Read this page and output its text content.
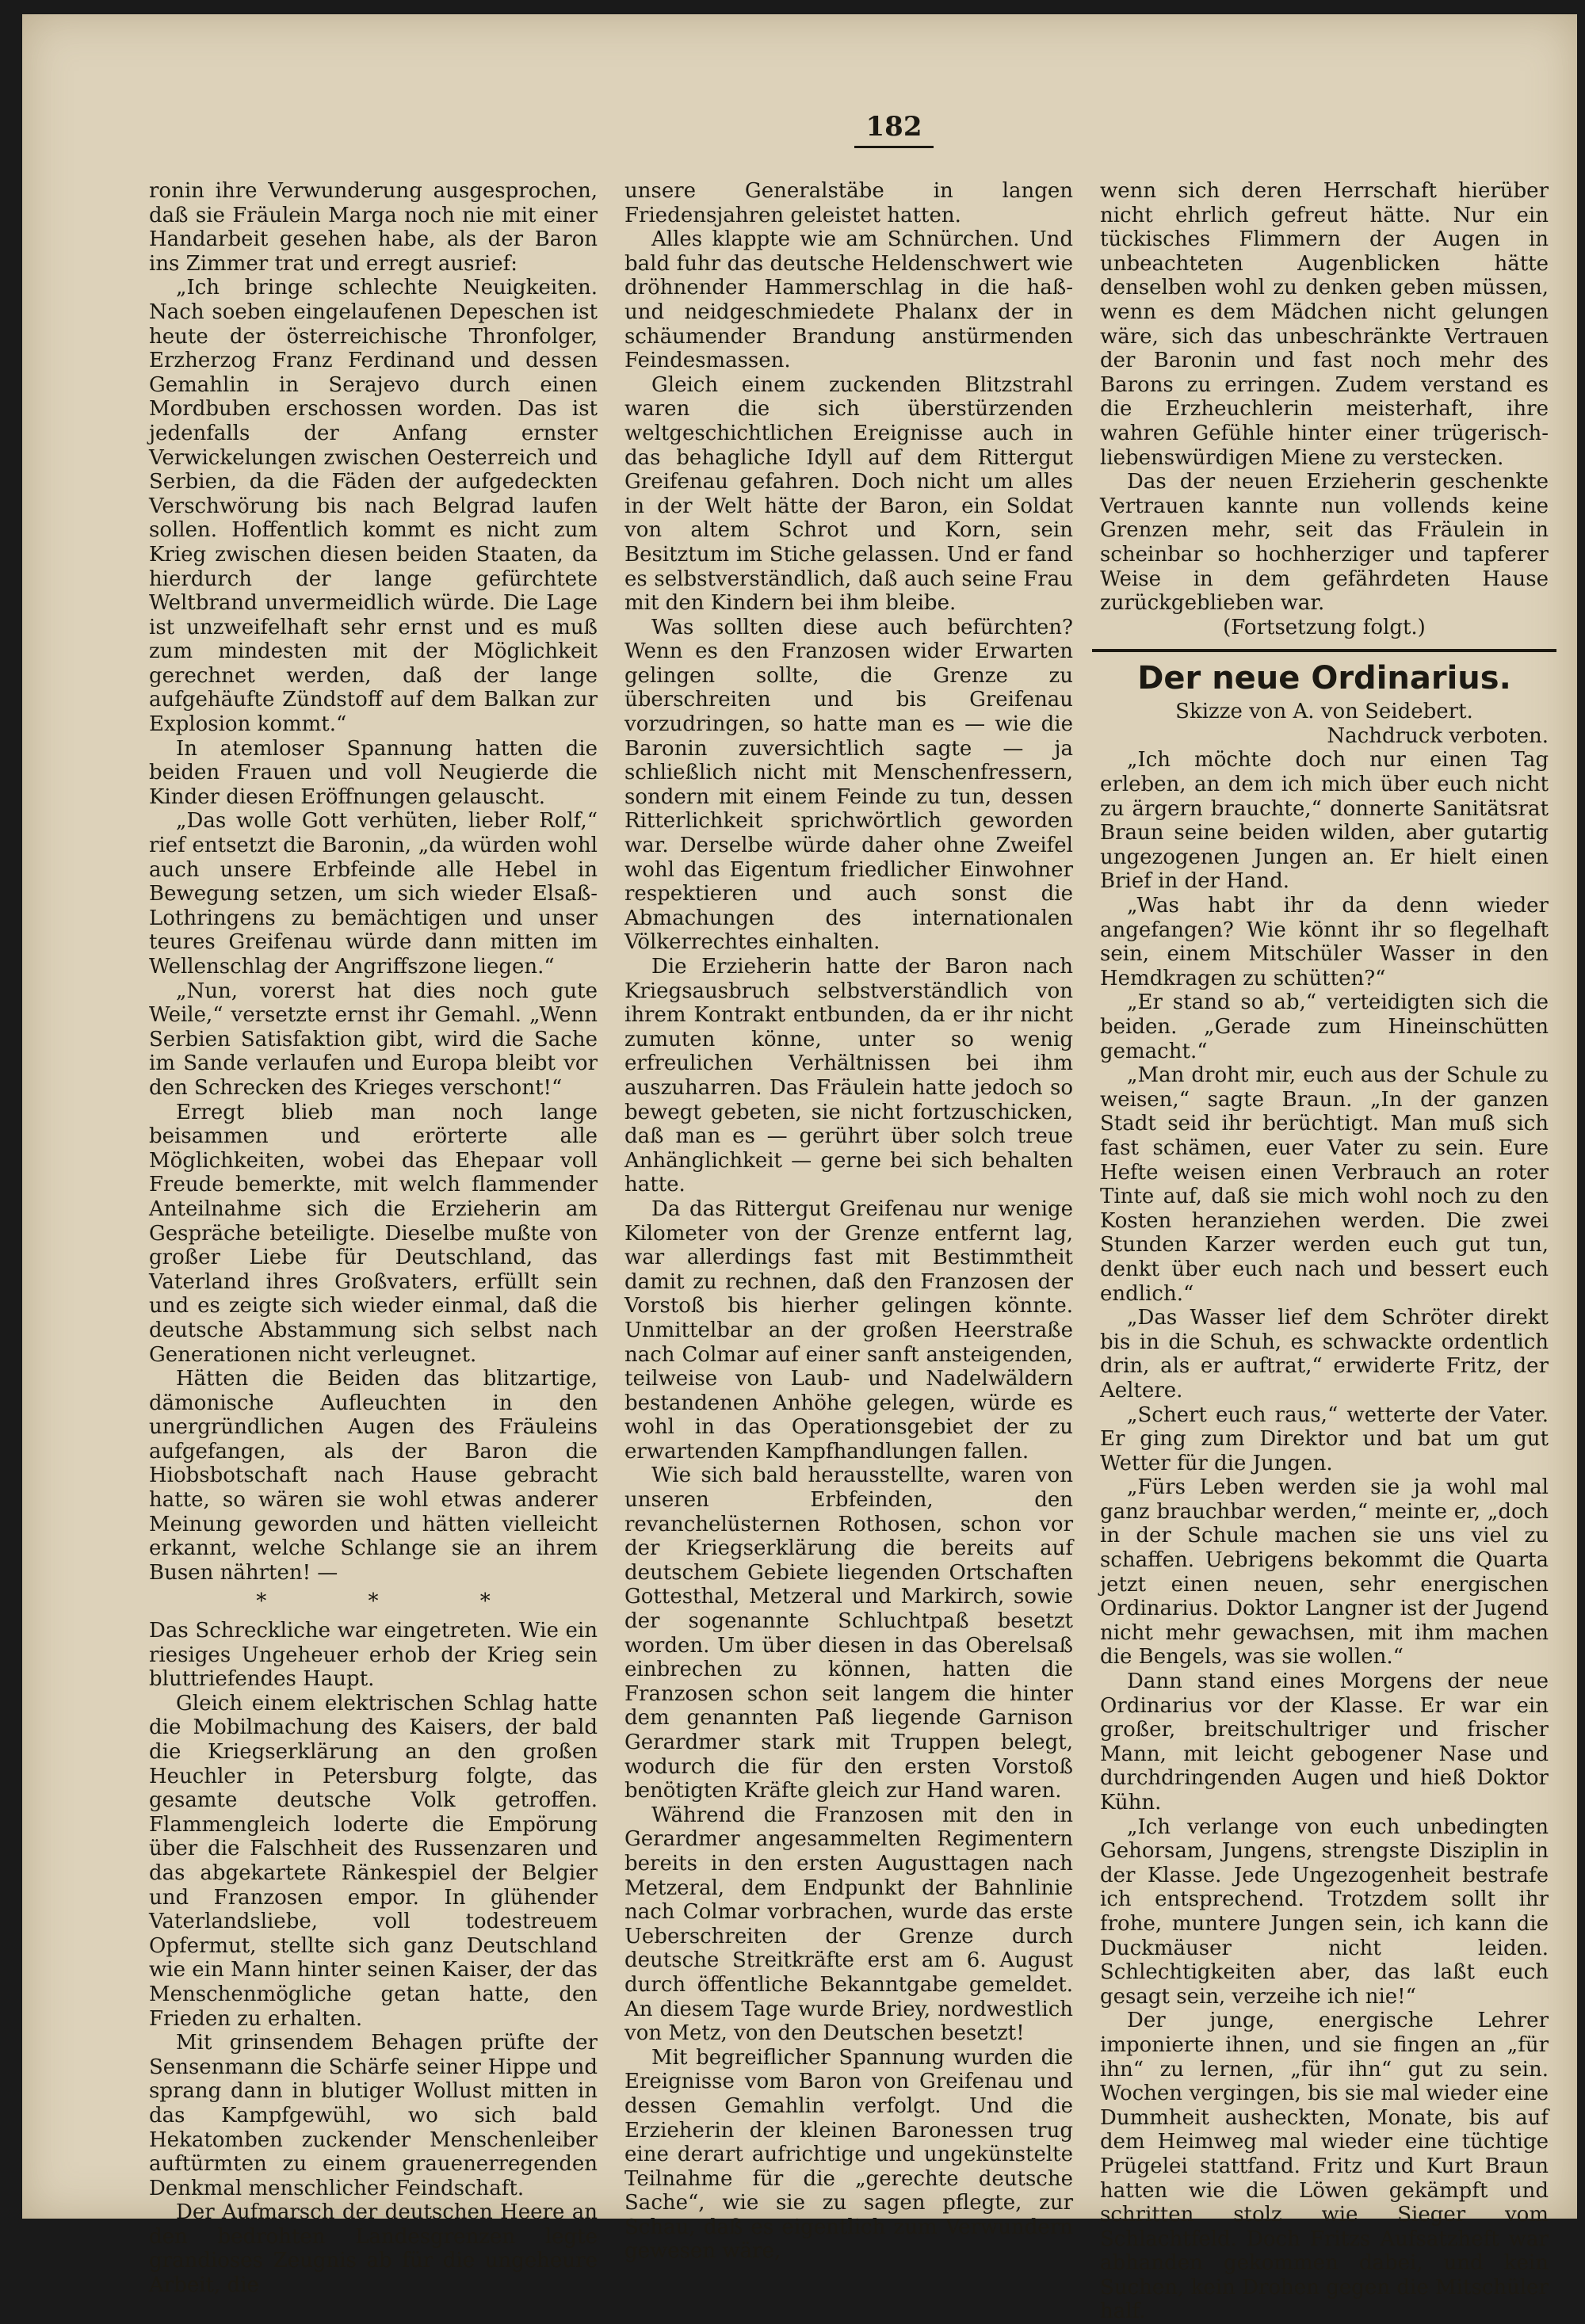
182

ronin ihre Verwunderung ausgesprochen, daß sie Fräulein Marga noch nie mit einer Handarbeit gesehen habe, als der Baron ins Zimmer trat und erregt ausrief:

„Ich bringe schlechte Neuigkeiten. Nach soeben eingelaufenen Depeschen ist heute der österreichische Thronfolger, Erzherzog Franz Ferdinand und dessen Gemahlin in Serajevo durch einen Mordbuben erschossen worden. Das ist jedenfalls der Anfang ernster Verwickelungen zwischen Oesterreich und Serbien, da die Fäden der aufgedeckten Verschwörung bis nach Belgrad laufen sollen. Hoffentlich kommt es nicht zum Krieg zwischen diesen beiden Staaten, da hierdurch der lange gefürchtete Weltbrand unvermeidlich würde. Die Lage ist unzweifelhaft sehr ernst und es muß zum mindesten mit der Möglichkeit gerechnet werden, daß der lange aufgehäufte Zündstoff auf dem Balkan zur Explosion kommt.“

In atemloser Spannung hatten die beiden Frauen und voll Neugierde die Kinder diesen Eröffnungen gelauscht.

„Das wolle Gott verhüten, lieber Rolf,“ rief entsetzt die Baronin, „da würden wohl auch unsere Erbfeinde alle Hebel in Bewegung setzen, um sich wieder Elsaß-Lothringens zu bemächtigen und unser teures Greifenau würde dann mitten im Wellenschlag der Angriffszone liegen.“

„Nun, vorerst hat dies noch gute Weile,“ versetzte ernst ihr Gemahl. „Wenn Serbien Satisfaktion gibt, wird die Sache im Sande verlaufen und Europa bleibt vor den Schrecken des Krieges verschont!“

Erregt blieb man noch lange beisammen und erörterte alle Möglichkeiten, wobei das Ehepaar voll Freude bemerkte, mit welch flammender Anteilnahme sich die Erzieherin am Gespräche beteiligte. Dieselbe mußte von großer Liebe für Deutschland, das Vaterland ihres Großvaters, erfüllt sein und es zeigte sich wieder einmal, daß die deutsche Abstammung sich selbst nach Generationen nicht verleugnet.

Hätten die Beiden das blitzartige, dämonische Aufleuchten in den unergründlichen Augen des Fräuleins aufgefangen, als der Baron die Hiobsbotschaft nach Hause gebracht hatte, so wären sie wohl etwas anderer Meinung geworden und hätten vielleicht erkannt, welche Schlange sie an ihrem Busen nährten! —

* * *

Das Schreckliche war eingetreten. Wie ein riesiges Ungeheuer erhob der Krieg sein bluttriefendes Haupt.

Gleich einem elektrischen Schlag hatte die Mobilmachung des Kaisers, der bald die Kriegserklärung an den großen Heuchler in Petersburg folgte, das gesamte deutsche Volk getroffen. Flammengleich loderte die Empörung über die Falschheit des Russenzaren und das abgekartete Ränkespiel der Belgier und Franzosen empor. In glühender Vaterlandsliebe, voll todestreuem Opfermut, stellte sich ganz Deutschland wie ein Mann hinter seinen Kaiser, der das Menschenmögliche getan hatte, den Frieden zu erhalten.

Mit grinsendem Behagen prüfte der Sensenmann die Schärfe seiner Hippe und sprang dann in blutiger Wollust mitten in das Kampfgewühl, wo sich bald Hekatomben zuckender Menschenleiber auftürmten zu einem grauenerregenden Denkmal menschlicher Feindschaft.

Der Aufmarsch der deutschen Heere an den bedrohten Landesgrenzen legte grandioses Zeugnis ab für die ungeheure Arbeit, die

unsere Generalstäbe in langen Friedensjahren geleistet hatten.

Alles klappte wie am Schnürchen. Und bald fuhr das deutsche Heldenschwert wie dröhnender Hammerschlag in die haß- und neidgeschmiedete Phalanx der in schäumender Brandung anstürmenden Feindesmassen.

Gleich einem zuckenden Blitzstrahl waren die sich überstürzenden weltgeschichtlichen Ereignisse auch in das behagliche Idyll auf dem Rittergut Greifenau gefahren. Doch nicht um alles in der Welt hätte der Baron, ein Soldat von altem Schrot und Korn, sein Besitztum im Stiche gelassen. Und er fand es selbstverständlich, daß auch seine Frau mit den Kindern bei ihm bleibe.

Was sollten diese auch befürchten? Wenn es den Franzosen wider Erwarten gelingen sollte, die Grenze zu überschreiten und bis Greifenau vorzudringen, so hatte man es — wie die Baronin zuversichtlich sagte — ja schließlich nicht mit Menschenfressern, sondern mit einem Feinde zu tun, dessen Ritterlichkeit sprichwörtlich geworden war. Derselbe würde daher ohne Zweifel wohl das Eigentum friedlicher Einwohner respektieren und auch sonst die Abmachungen des internationalen Völkerrechtes einhalten.

Die Erzieherin hatte der Baron nach Kriegsausbruch selbstverständlich von ihrem Kontrakt entbunden, da er ihr nicht zumuten könne, unter so wenig erfreulichen Verhältnissen bei ihm auszuharren. Das Fräulein hatte jedoch so bewegt gebeten, sie nicht fortzuschicken, daß man es — gerührt über solch treue Anhänglichkeit — gerne bei sich behalten hatte.

Da das Rittergut Greifenau nur wenige Kilometer von der Grenze entfernt lag, war allerdings fast mit Bestimmtheit damit zu rechnen, daß den Franzosen der Vorstoß bis hierher gelingen könnte. Unmittelbar an der großen Heerstraße nach Colmar auf einer sanft ansteigenden, teilweise von Laub- und Nadelwäldern bestandenen Anhöhe gelegen, würde es wohl in das Operationsgebiet der zu erwartenden Kampfhandlungen fallen.

Wie sich bald herausstellte, waren von unseren Erbfeinden, den revanchelüsternen Rothosen, schon vor der Kriegserklärung die bereits auf deutschem Gebiete liegenden Ortschaften Gottesthal, Metzeral und Markirch, sowie der sogenannte Schluchtpaß besetzt worden. Um über diesen in das Oberelsaß einbrechen zu können, hatten die Franzosen schon seit langem die hinter dem genannten Paß liegende Garnison Gerardmer stark mit Truppen belegt, wodurch die für den ersten Vorstoß benötigten Kräfte gleich zur Hand waren.

Während die Franzosen mit den in Gerardmer angesammelten Regimentern bereits in den ersten Augusttagen nach Metzeral, dem Endpunkt der Bahnlinie nach Colmar vorbrachen, wurde das erste Ueberschreiten der Grenze durch deutsche Streitkräfte erst am 6. August durch öffentliche Bekanntgabe gemeldet. An diesem Tage wurde Briey, nordwestlich von Metz, von den Deutschen besetzt!

Mit begreiflicher Spannung wurden die Ereignisse vom Baron von Greifenau und dessen Gemahlin verfolgt. Und die Erzieherin der kleinen Baronessen trug eine derart aufrichtige und ungekünstelte Teilnahme für die „gerechte deutsche Sache“, wie sie zu sagen pflegte, zur Schau, daß es eigentlich zum Verwundern gewesen wäre,

wenn sich deren Herrschaft hierüber nicht ehrlich gefreut hätte. Nur ein tückisches Flimmern der Augen in unbeachteten Augenblicken hätte denselben wohl zu denken geben müssen, wenn es dem Mädchen nicht gelungen wäre, sich das unbeschränkte Vertrauen der Baronin und fast noch mehr des Barons zu erringen. Zudem verstand es die Erzheuchlerin meisterhaft, ihre wahren Gefühle hinter einer trügerisch-liebenswürdigen Miene zu verstecken.

Das der neuen Erzieherin geschenkte Vertrauen kannte nun vollends keine Grenzen mehr, seit das Fräulein in scheinbar so hochherziger und tapferer Weise in dem gefährdeten Hause zurückgeblieben war.

(Fortsetzung folgt.)

Der neue Ordinarius.

Skizze von A. von Seidebert.

Nachdruck verboten.

„Ich möchte doch nur einen Tag erleben, an dem ich mich über euch nicht zu ärgern brauchte,“ donnerte Sanitätsrat Braun seine beiden wilden, aber gutartig ungezogenen Jungen an. Er hielt einen Brief in der Hand.

„Was habt ihr da denn wieder angefangen? Wie könnt ihr so flegelhaft sein, einem Mitschüler Wasser in den Hemdkragen zu schütten?“

„Er stand so ab,“ verteidigten sich die beiden. „Gerade zum Hineinschütten gemacht.“

„Man droht mir, euch aus der Schule zu weisen,“ sagte Braun. „In der ganzen Stadt seid ihr berüchtigt. Man muß sich fast schämen, euer Vater zu sein. Eure Hefte weisen einen Verbrauch an roter Tinte auf, daß sie mich wohl noch zu den Kosten heranziehen werden. Die zwei Stunden Karzer werden euch gut tun, denkt über euch nach und bessert euch endlich.“

„Das Wasser lief dem Schröter direkt bis in die Schuh, es schwackte ordentlich drin, als er auftrat,“ erwiderte Fritz, der Aeltere.

„Schert euch raus,“ wetterte der Vater. Er ging zum Direktor und bat um gut Wetter für die Jungen.

„Fürs Leben werden sie ja wohl mal ganz brauchbar werden,“ meinte er, „doch in der Schule machen sie uns viel zu schaffen. Uebrigens bekommt die Quarta jetzt einen neuen, sehr energischen Ordinarius. Doktor Langner ist der Jugend nicht mehr gewachsen, mit ihm machen die Bengels, was sie wollen.“

Dann stand eines Morgens der neue Ordinarius vor der Klasse. Er war ein großer, breitschultriger und frischer Mann, mit leicht gebogener Nase und durchdringenden Augen und hieß Doktor Kühn.

„Ich verlange von euch unbedingten Gehorsam, Jungens, strengste Disziplin in der Klasse. Jede Ungezogenheit bestrafe ich entsprechend. Trotzdem sollt ihr frohe, muntere Jungen sein, ich kann die Duckmäuser nicht leiden. Schlechtigkeiten aber, das laßt euch gesagt sein, verzeihe ich nie!“

Der junge, energische Lehrer imponierte ihnen, und sie fingen an „für ihn“ zu lernen, „für ihn“ gut zu sein. Wochen vergingen, bis sie mal wieder eine Dummheit ausheckten, Monate, bis auf dem Heimweg mal wieder eine tüchtige Prügelei stattfand. Fritz und Kurt Braun hatten wie die Löwen gekämpft und schritten stolz wie Sieger vom Schlachtfeld. Doch Fritzs Aufsatzheft war abhanden gekommen dabei, und kein Suchen, kein Drohen gegen die Mitschüler half.
